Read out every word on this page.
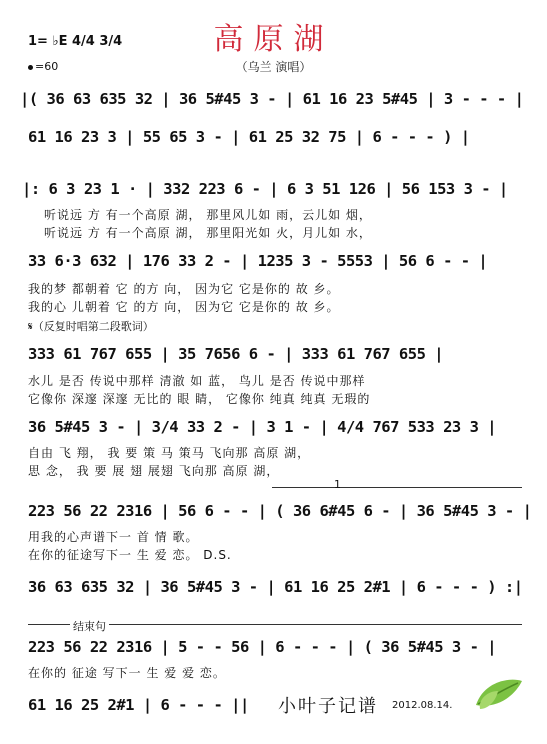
高原湖
（乌兰 演唱）
1= ♭E 4/4 3/4
=60
|( 36 63 635 32 | 36 5#45 3 - | 61 16 23 5#45 | 3 - - - |
61 16 23 3 | 55 65 3 - | 61 25 32 75 | 6 - - - ) |
|: 6 3 23 1 · | 332 223 6 - | 6 3 51 126 | 56 153 3 - |
听说远 方 有一个高原 湖， 那里风儿如 雨，云儿如 烟，
听说远 方 有一个高原 湖， 那里阳光如 火，月儿如 水，
33 6·3 632 | 176 33 2 - | 1235 3 - 5553 | 56 6 - - |
我的梦 都朝着 它 的方 向， 因为它 它是你的 故 乡。
我的心 儿朝着 它 的方 向， 因为它 它是你的 故 乡。
𝄋（反复时唱第二段歌词）
333 61 767 655 | 35 7656 6 - | 333 61 767 655 |
水儿 是否 传说中那样 清澈 如 蓝， 鸟儿 是否 传说中那样
它像你 深邃 深邃 无比的 眼 睛， 它像你 纯真 纯真 无瑕的
36 5#45 3 - | 3/4 33 2 - | 3 1 - | 4/4 767 533 23 3 |
自由 飞 翔， 我 要 策 马 策马 飞向那 高原 湖，
思 念， 我 要 展 翅 展翅 飞向那 高原 湖，
1
223 56 22 2316 | 56 6 - - | ( 36 6#45 6 - | 36 5#45 3 - |
用我的心声谱下一 首 情 歌。
在你的征途写下一 生 爱 恋。 D.S.
36 63 635 32 | 36 5#45 3 - | 61 16 25 2#1 | 6 - - - ) :|
结束句
223 56 22 2316 | 5 - - 56 | 6 - - - | ( 36 5#45 3 - |
在你的 征途 写下一 生 爱 爱 恋。
61 16 25 2#1 | 6 - - - || 小叶子记谱 2012.08.14.
